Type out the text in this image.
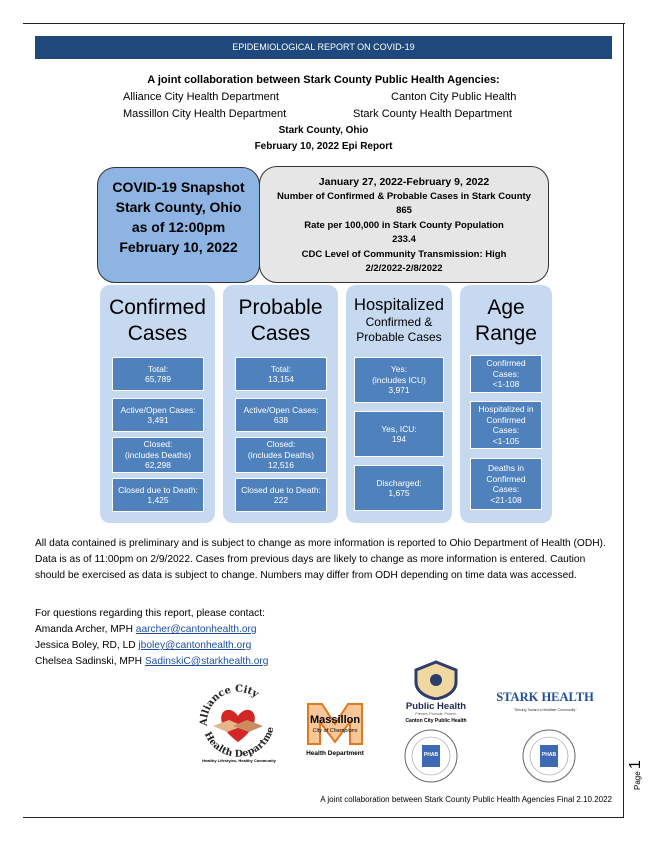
EPIDEMIOLOGICAL REPORT ON COVID-19
A joint collaboration between Stark County Public Health Agencies:
Alliance City Health Department	Canton City Public Health
Massillon City Health Department	Stark County Health Department
Stark County, Ohio
February 10, 2022 Epi Report
COVID-19 Snapshot
Stark County, Ohio
as of 12:00pm
February 10, 2022
January 27, 2022-February 9, 2022
Number of Confirmed & Probable Cases in Stark County
865
Rate per 100,000 in Stark County Population
233.4
CDC Level of Community Transmission: High
2/2/2022-2/8/2022
Confirmed
Cases
Total:
65,789
Active/Open Cases:
3,491
Closed:
(includes Deaths)
62,298
Closed due to Death:
1,425
Probable
Cases
Total:
13,154
Active/Open Cases:
638
Closed:
(includes Deaths)
12,516
Closed due to Death:
222
Hospitalized
Confirmed &
Probable Cases
Yes:
(includes ICU)
3,971
Yes, ICU:
194
Discharged:
1,675
Age
Range
Confirmed
Cases:
<1-108
Hospitalized in
Confirmed
Cases:
<1-105
Deaths in
Confirmed
Cases:
<21-108
All data contained is preliminary and is subject to change as more information is reported to Ohio Department of Health (ODH). Data is as of 11:00pm on 2/9/2022. Cases from previous days are likely to change as more information is entered. Caution should be exercised as data is subject to change. Numbers may differ from ODH depending on time data was accessed.
For questions regarding this report, please contact:
Amanda Archer, MPH aarcher@cantonhealth.org
Jessica Boley, RD, LD jboley@cantonhealth.org
Chelsea Sadinski, MPH SadinskiC@starkhealth.org
Alliance City
Health Departme
Healthy Lifestyles, Healthy Community
Massillon
City of Champions
Health Department
Public Health
Prevent. Promote. Protect.
Canton City Public Health
STARK HEALTH
"Striving Toward a Healthier Community"
PHAB	PHAB
A joint collaboration between Stark County Public Health Agencies Final 2.10.2022
Page 1
